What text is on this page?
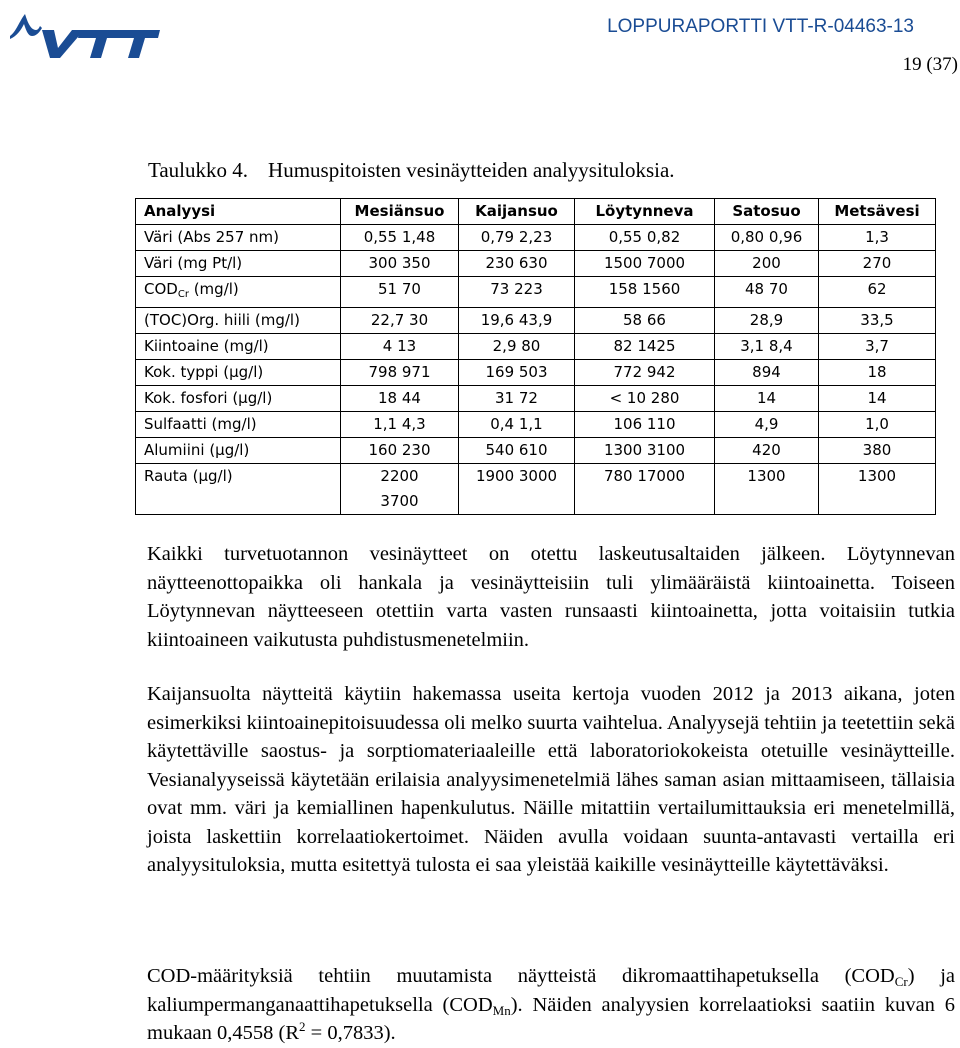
LOPPURAPORTTI VTT-R-04463-13
19 (37)
Taulukko 4. Humuspitoisten vesinäytteiden analyysituloksia.
Analyysi	Mesiänsuo	Kaijansuo	Löytynneva	Satosuo	Metsävesi
Väri (Abs 257 nm)	0,55 1,48	0,79 2,23	0,55 0,82	0,80 0,96	1,3
Väri (mg Pt/l)	300 350	230 630	1500 7000	200	270
$COD_{Cr}$ (mg/l)	51 70	73 223	158 1560	48 70	62
(TOC)Org. hiili (mg/l)	22,7 30	19,6 43,9	58 66	28,9	33,5
Kiintoaine (mg/l)	4 13	2,9 80	82 1425	3,1 8,4	3,7
Kok. typpi (µg/l)	798 971	169 503	772 942	894	18
Kok. fosfori (µg/l)	18 44	31 72	< 10 280	14	14
Sulfaatti (mg/l)	1,1 4,3	0,4 1,1	106 110	4,9	1,0
Alumiini (µg/l)	160 230	540 610	1300 3100	420	380
Rauta (µg/l)	2200 3700	1900 3000	780 17000	1300	1300

Kaikki turvetuotannon vesinäytteet on otettu laskeutusaltaiden jälkeen. Löytynnevan näytteenottopaikka oli hankala ja vesinäytteisiin tuli ylimääräistä kiintoainetta. Toiseen Löytynnevan näytteeseen otettiin varta vasten runsaasti kiintoainetta, jotta voitaisiin tutkia kiintoaineen vaikutusta puhdistusmenetelmiin.

Kaijansuolta näytteitä käytiin hakemassa useita kertoja vuoden 2012 ja 2013 aikana, joten esimerkiksi kiintoainepitoisuudessa oli melko suurta vaihtelua. Analyysejä tehtiin ja teetettiin sekä käytettäville saostus- ja sorptiomateriaaleille että laboratoriokokeista otetuille vesinäytteille. Vesianalyyseissä käytetään erilaisia analyysimenetelmiä lähes saman asian mittaamiseen, tällaisia ovat mm. väri ja kemiallinen hapenkulutus. Näille mitattiin vertailumittauksia eri menetelmillä, joista laskettiin korrelaatiokertoimet. Näiden avulla voidaan suunta-antavasti vertailla eri analyysituloksia, mutta esitettyä tulosta ei saa yleistää kaikille vesinäytteille käytettäväksi.

COD-määrityksiä tehtiin muutamista näytteistä dikromaattihapetuksella $(COD_{Cr})$ ja kaliumpermanganaattihapetuksella $(COD_{Mn})$. Näiden analyysien korrelaatioksi saatiin kuvan 6 mukaan 0,4558 $(R^2 = 0,7833)$.
